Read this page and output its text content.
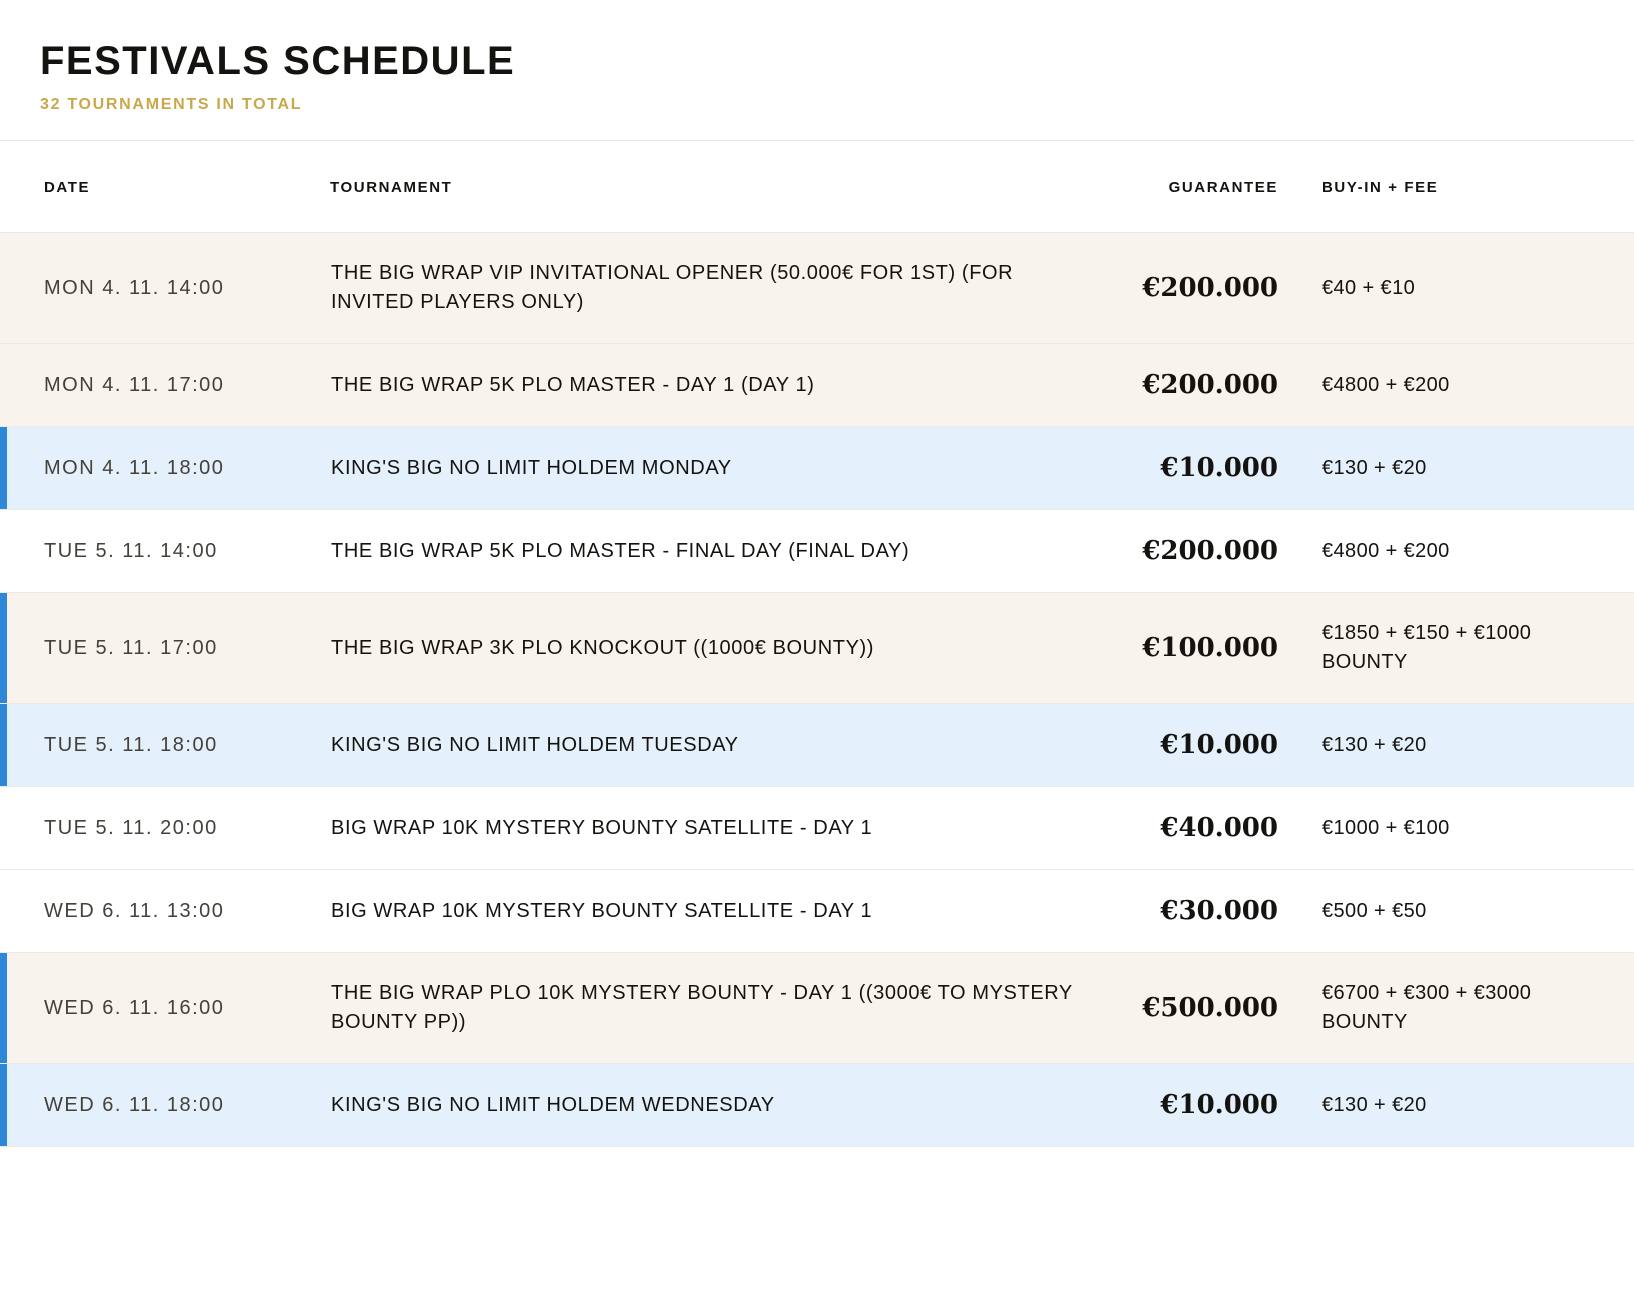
FESTIVALS SCHEDULE

32 TOURNAMENTS IN TOTAL

DATE	TOURNAMENT	GUARANTEE	BUY-IN + FEE
MON 4. 11. 14:00	THE BIG WRAP VIP INVITATIONAL OPENER (50.000€ FOR 1ST) (FOR INVITED PLAYERS ONLY)	€200.000	€40 + €10
MON 4. 11. 17:00	THE BIG WRAP 5K PLO MASTER - DAY 1 (DAY 1)	€200.000	€4800 + €200
MON 4. 11. 18:00	KING'S BIG NO LIMIT HOLDEM MONDAY	€10.000	€130 + €20
TUE 5. 11. 14:00	THE BIG WRAP 5K PLO MASTER - FINAL DAY (FINAL DAY)	€200.000	€4800 + €200
TUE 5. 11. 17:00	THE BIG WRAP 3K PLO KNOCKOUT ((1000€ BOUNTY))	€100.000	€1850 + €150 + €1000 BOUNTY
TUE 5. 11. 18:00	KING'S BIG NO LIMIT HOLDEM TUESDAY	€10.000	€130 + €20
TUE 5. 11. 20:00	BIG WRAP 10K MYSTERY BOUNTY SATELLITE - DAY 1	€40.000	€1000 + €100
WED 6. 11. 13:00	BIG WRAP 10K MYSTERY BOUNTY SATELLITE - DAY 1	€30.000	€500 + €50
WED 6. 11. 16:00	THE BIG WRAP PLO 10K MYSTERY BOUNTY - DAY 1 ((3000€ TO MYSTERY BOUNTY PP))	€500.000	€6700 + €300 + €3000 BOUNTY
WED 6. 11. 18:00	KING'S BIG NO LIMIT HOLDEM WEDNESDAY	€10.000	€130 + €20
